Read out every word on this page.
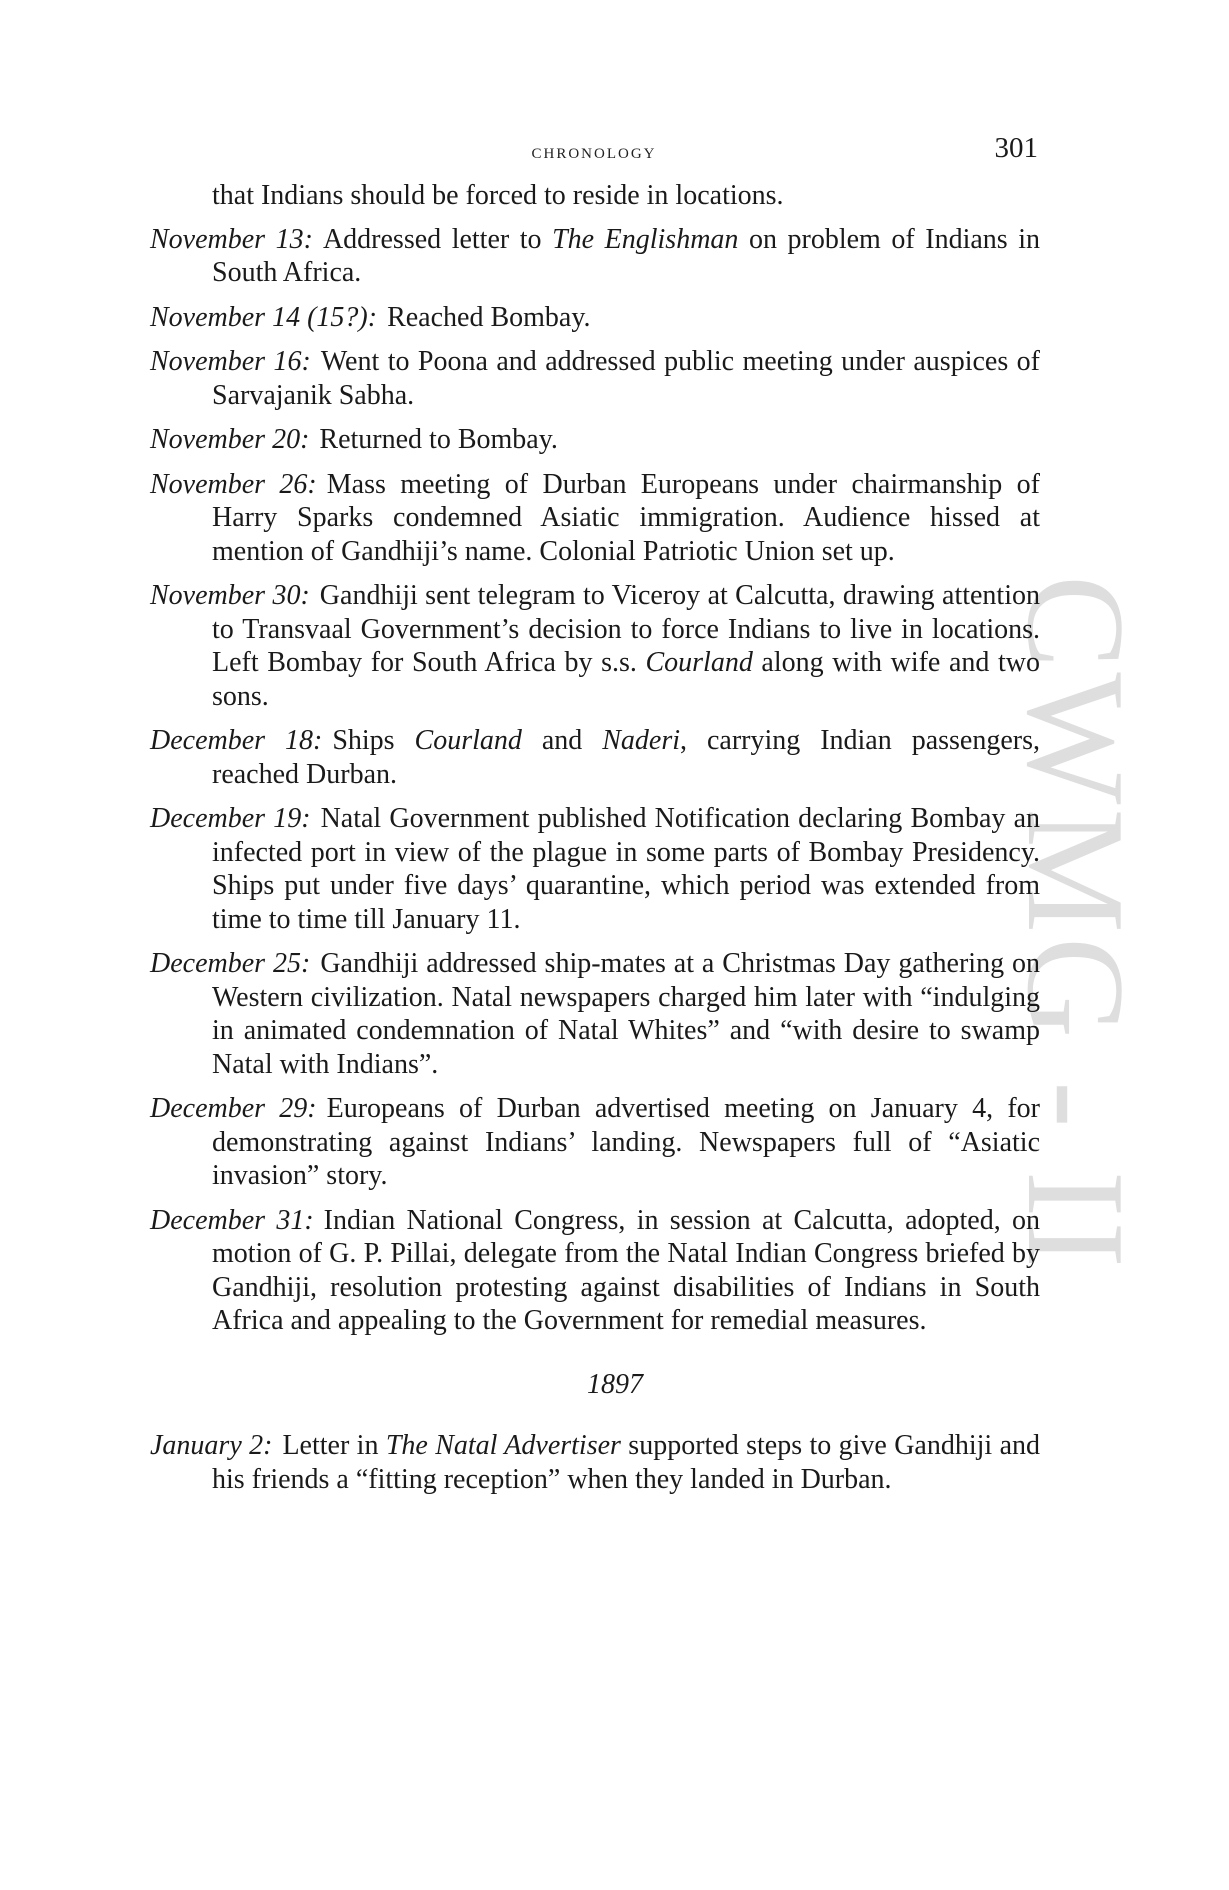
chronology	301
CWMG - II

that Indians should be forced to reside in locations.

November 13: Addressed letter to The Englishman on problem of Indians in South Africa.

November 14 (15?): Reached Bombay.

November 16: Went to Poona and addressed public meeting under auspices of Sarvajanik Sabha.

November 20: Returned to Bombay.

November 26: Mass meeting of Durban Europeans under chairmanship of Harry Sparks condemned Asiatic immigration. Audience hissed at mention of Gandhiji’s name. Colonial Patriotic Union set up.

November 30: Gandhiji sent telegram to Viceroy at Calcutta, drawing attention to Transvaal Government’s decision to force Indians to live in locations. Left Bombay for South Africa by s.s. Courland along with wife and two sons.

December 18: Ships Courland and Naderi, carrying Indian passengers, reached Durban.

December 19: Natal Government published Notification declaring Bombay an infected port in view of the plague in some parts of Bombay Presidency. Ships put under five days’ quarantine, which period was extended from time to time till January 11.

December 25: Gandhiji addressed ship-mates at a Christmas Day gathering on Western civilization. Natal newspapers charged him later with “indulging in animated condemnation of Natal Whites” and “with desire to swamp Natal with Indians”.

December 29: Europeans of Durban advertised meeting on January 4, for demonstrating against Indians’ landing. Newspapers full of “Asiatic invasion” story.

December 31: Indian National Congress, in session at Calcutta, adopted, on motion of G. P. Pillai, delegate from the Natal Indian Congress briefed by Gandhiji, resolution protesting against disabilities of Indians in South Africa and appealing to the Government for remedial measures.

1897

January 2: Letter in The Natal Advertiser supported steps to give Gandhiji and his friends a “fitting reception” when they landed in Durban.
